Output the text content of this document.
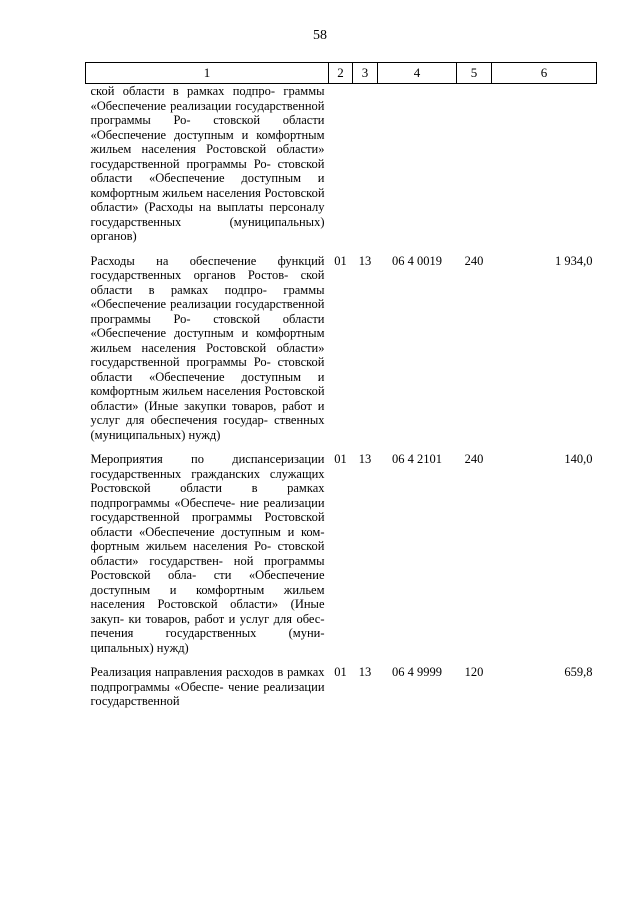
58
1	2	3	4	5	6
ской области в рамках подпро- граммы «Обеспечение реализации государственной программы Ро- стовской области «Обеспечение доступным и комфортным жильем населения Ростовской области» государственной программы Ро- стовской области «Обеспечение доступным и комфортным жильем населения Ростовской области» (Расходы на выплаты персоналу государственных (муниципальных) органов)					

Расходы на обеспечение функций государственных органов Ростов- ской области в рамках подпро- граммы «Обеспечение реализации государственной программы Ро- стовской области «Обеспечение доступным и комфортным жильем населения Ростовской области» государственной программы Ро- стовской области «Обеспечение доступным и комфортным жильем населения Ростовской области» (Иные закупки товаров, работ и услуг для обеспечения государ- ственных (муниципальных) нужд)	01	13	06 4 0019	240	1 934,0

Мероприятия по диспансеризации государственных гражданских служащих Ростовской области в рамках подпрограммы «Обеспече- ние реализации государственной программы Ростовской области «Обеспечение доступным и ком- фортным жильем населения Ро- стовской области» государствен- ной программы Ростовской обла- сти «Обеспечение доступным и комфортным жильем населения Ростовской области» (Иные закуп- ки товаров, работ и услуг для обес- печения государственных (муни- ципальных) нужд)	01	13	06 4 2101	240	140,0

Реализация направления расходов в рамках подпрограммы «Обеспе- чение реализации государственной	01	13	06 4 9999	120	659,8
